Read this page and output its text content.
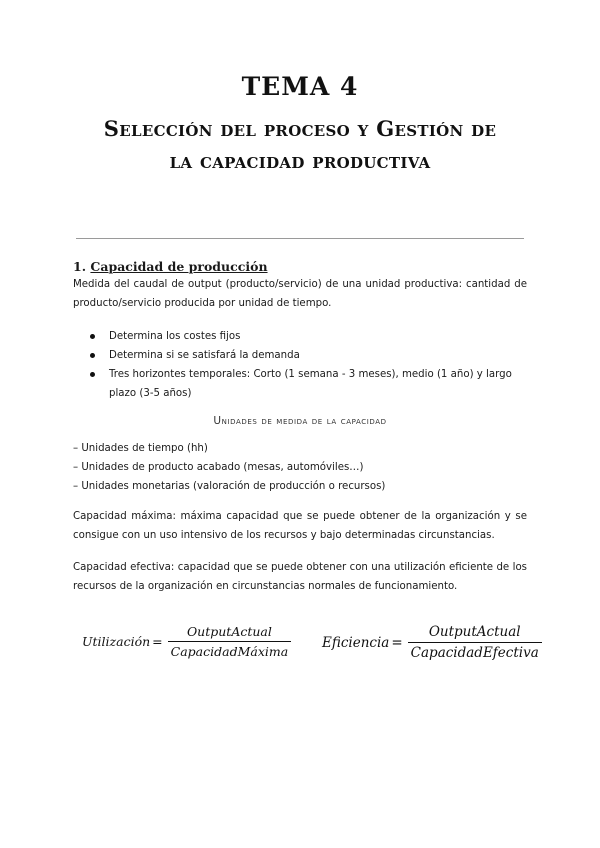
TEMA 4
Selección del proceso y Gestión de
la capacidad productiva
1. Capacidad de producción
Medida del caudal de output (producto/servicio) de una unidad productiva: cantidad de producto/servicio producida por unidad de tiempo.
Determina los costes fijos
Determina si se satisfará la demanda
Tres horizontes temporales: Corto (1 semana - 3 meses), medio (1 año) y largo plazo (3-5 años)
Unidades de medida de la capacidad
– Unidades de tiempo (hh)
– Unidades de producto acabado (mesas, automóviles…)
– Unidades monetarias (valoración de producción o recursos)
Capacidad máxima: máxima capacidad que se puede obtener de la organización y se consigue con un uso intensivo de los recursos y bajo determinadas circunstancias.
Capacidad efectiva: capacidad que se puede obtener con una utilización eficiente de los recursos de la organización en circunstancias normales de funcionamiento.
Utilización = $\frac{\text{OutputActual}}{\text{CapacidadMáxima}}$ Eficiencia = $\frac{\text{OutputActual}}{\text{CapacidadEfectiva}}$
